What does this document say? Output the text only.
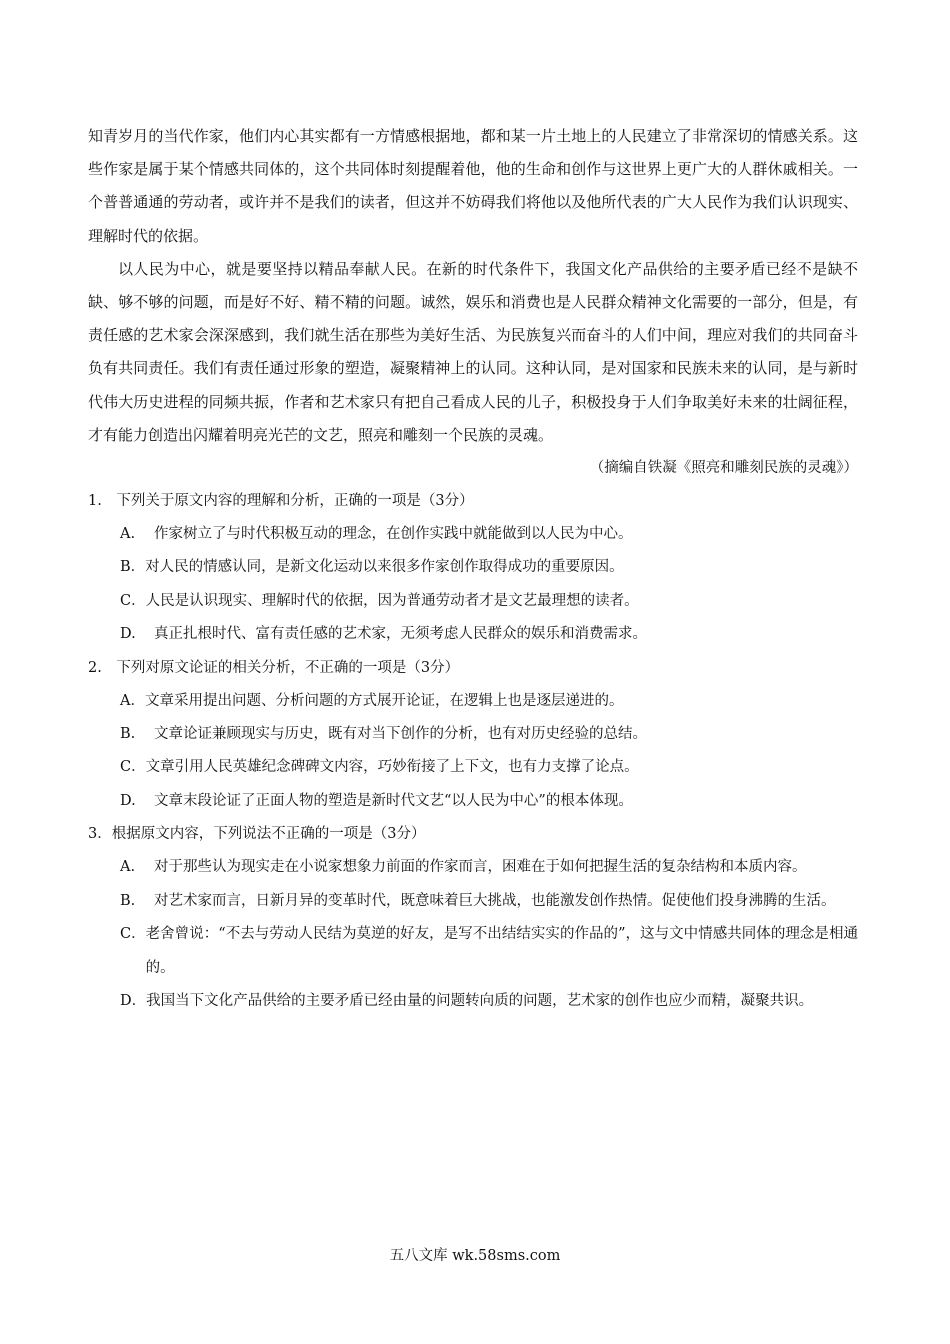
知青岁月的当代作家，他们内心其实都有一方情感根据地，都和某一片土地上的人民建立了非常深切的情感关系。这些作家是属于某个情感共同体的，这个共同体时刻提醒着他，他的生命和创作与这世界上更广大的人群休戚相关。一个普普通通的劳动者，或许并不是我们的读者，但这并不妨碍我们将他以及他所代表的广大人民作为我们认识现实、理解时代的依据。

以人民为中心，就是要坚持以精品奉献人民。在新的时代条件下，我国文化产品供给的主要矛盾已经不是缺不缺、够不够的问题，而是好不好、精不精的问题。诚然，娱乐和消费也是人民群众精神文化需要的一部分，但是，有责任感的艺术家会深深感到，我们就生活在那些为美好生活、为民族复兴而奋斗的人们中间，理应对我们的共同奋斗负有共同责任。我们有责任通过形象的塑造，凝聚精神上的认同。这种认同，是对国家和民族未来的认同，是与新时代伟大历史进程的同频共振，作者和艺术家只有把自己看成人民的儿子，积极投身于人们争取美好未来的壮阔征程，才有能力创造出闪耀着明亮光芒的文艺，照亮和雕刻一个民族的灵魂。

（摘编自铁凝《照亮和雕刻民族的灵魂》）

1.　 下列关于原文内容的理解和分析，正确的一项是（3分）
A.　 作家树立了与时代积极互动的理念，在创作实践中就能做到以人民为中心。
B． 对人民的情感认同，是新文化运动以来很多作家创作取得成功的重要原因。
C． 人民是认识现实、理解时代的依据，因为普通劳动者才是文艺最理想的读者。
D.　 真正扎根时代、富有责任感的艺术家，无须考虑人民群众的娱乐和消费需求。
2.　 下列对原文论证的相关分析，不正确的一项是（3分）
A． 文章采用提出问题、分析问题的方式展开论证，在逻辑上也是逐层递进的。
B.　 文章论证兼顾现实与历史，既有对当下创作的分析，也有对历史经验的总结。
C． 文章引用人民英雄纪念碑碑文内容，巧妙衔接了上下文，也有力支撑了论点。
D.　 文章末段论证了正面人物的塑造是新时代文艺“以人民为中心”的根本体现。
3． 根据原文内容，下列说法不正确的一项是（3分）
A.　 对于那些认为现实走在小说家想象力前面的作家而言，困难在于如何把握生活的复杂结构和本质内容。
B.　 对艺术家而言，日新月异的变革时代，既意味着巨大挑战，也能激发创作热情。促使他们投身沸腾的生活。
C． 老舍曾说：“不去与劳动人民结为莫逆的好友，是写不出结结实实的作品的”，这与文中情感共同体的理念是相通的。
D． 我国当下文化产品供给的主要矛盾已经由量的问题转向质的问题，艺术家的创作也应少而精，凝聚共识。
五八文库 wk.58sms.com
